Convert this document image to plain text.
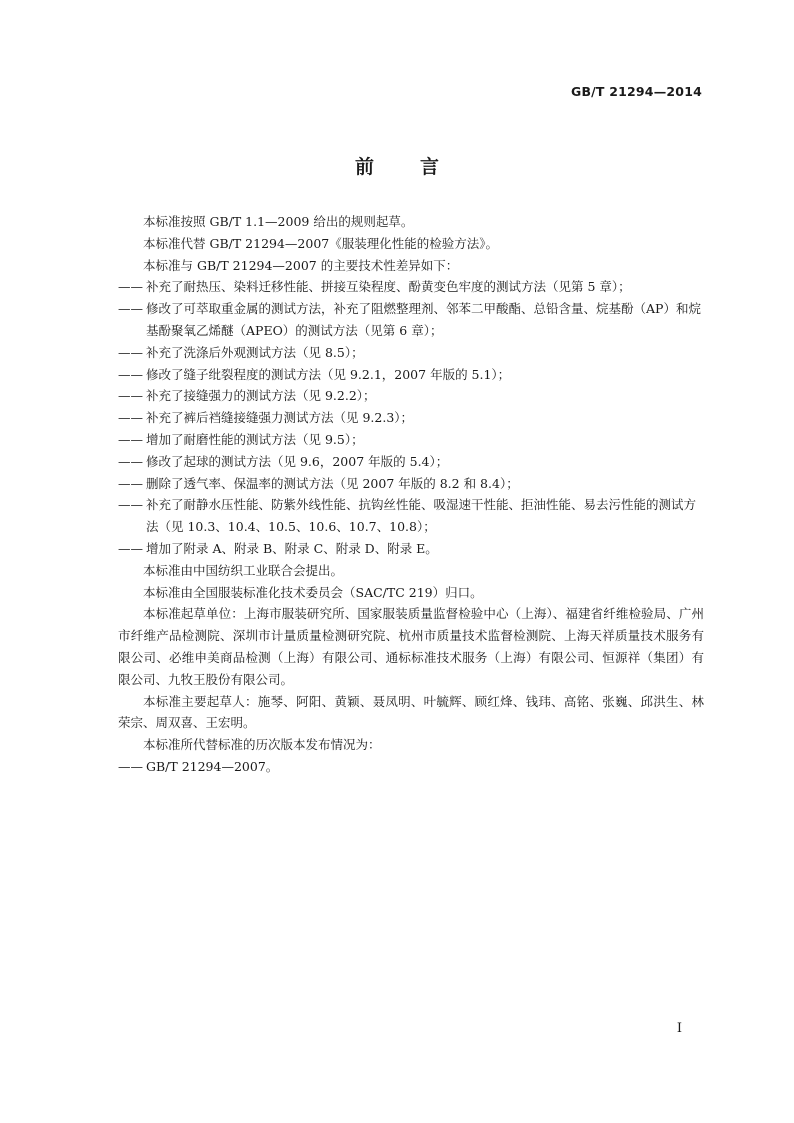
GB/T 21294—2014
前 言

本标准按照 GB/T 1.1—2009 给出的规则起草。

本标准代替 GB/T 21294—2007《服装理化性能的检验方法》。

本标准与 GB/T 21294—2007 的主要技术性差异如下：

—— 补充了耐热压、染料迁移性能、拼接互染程度、酚黄变色牢度的测试方法（见第 5 章）；

—— 修改了可萃取重金属的测试方法，补充了阻燃整理剂、邻苯二甲酸酯、总铅含量、烷基酚（AP）和烷基酚聚氧乙烯醚（APEO）的测试方法（见第 6 章）；

—— 补充了洗涤后外观测试方法（见 8.5）；

—— 修改了缝子纰裂程度的测试方法（见 9.2.1，2007 年版的 5.1）；

—— 补充了接缝强力的测试方法（见 9.2.2）；

—— 补充了裤后裆缝接缝强力测试方法（见 9.2.3）；

—— 增加了耐磨性能的测试方法（见 9.5）；

—— 修改了起球的测试方法（见 9.6，2007 年版的 5.4）；

—— 删除了透气率、保温率的测试方法（见 2007 年版的 8.2 和 8.4）；

—— 补充了耐静水压性能、防紫外线性能、抗钩丝性能、吸湿速干性能、拒油性能、易去污性能的测试方法（见 10.3、10.4、10.5、10.6、10.7、10.8）；

—— 增加了附录 A、附录 B、附录 C、附录 D、附录 E。

本标准由中国纺织工业联合会提出。

本标准由全国服装标准化技术委员会（SAC/TC 219）归口。

本标准起草单位：上海市服装研究所、国家服装质量监督检验中心（上海）、福建省纤维检验局、广州市纤维产品检测院、深圳市计量质量检测研究院、杭州市质量技术监督检测院、上海天祥质量技术服务有限公司、必维申美商品检测（上海）有限公司、通标标准技术服务（上海）有限公司、恒源祥（集团）有限公司、九牧王股份有限公司。

本标准主要起草人：施琴、阿阳、黄颖、聂凤明、叶毓辉、顾红烽、钱玮、高铭、张巍、邱洪生、林荣宗、周双喜、王宏明。

本标准所代替标准的历次版本发布情况为：

—— GB/T 21294—2007。

I
